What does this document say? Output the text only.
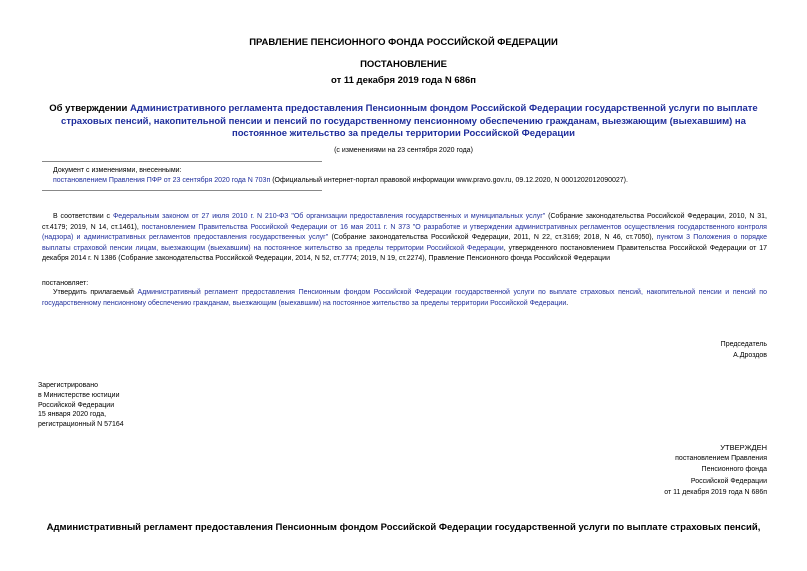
ПРАВЛЕНИЕ ПЕНСИОННОГО ФОНДА РОССИЙСКОЙ ФЕДЕРАЦИИ
ПОСТАНОВЛЕНИЕ
от 11 декабря 2019 года N 686п
Об утверждении Административного регламента предоставления Пенсионным фондом Российской Федерации государственной услуги по выплате страховых пенсий, накопительной пенсии и пенсий по государственному пенсионному обеспечению гражданам, выезжающим (выехавшим) на постоянное жительство за пределы территории Российской Федерации
(с изменениями на 23 сентября 2020 года)
Документ с изменениями, внесенными:
постановлением Правления ПФР от 23 сентября 2020 года N 703п (Официальный интернет-портал правовой информации www.pravo.gov.ru, 09.12.2020, N 0001202012090027).
В соответствии с Федеральным законом от 27 июля 2010 г. N 210-ФЗ "Об организации предоставления государственных и муниципальных услуг" (Собрание законодательства Российской Федерации, 2010, N 31, ст.4179; 2019, N 14, ст.1461), постановлением Правительства Российской Федерации от 16 мая 2011 г. N 373 "О разработке и утверждении административных регламентов осуществления государственного контроля (надзора) и административных регламентов предоставления государственных услуг" (Собрание законодательства Российской Федерации, 2011, N 22, ст.3169; 2018, N 46, ст.7050), пунктом 3 Положения о порядке выплаты страховой пенсии лицам, выезжающим (выехавшим) на постоянное жительство за пределы территории Российской Федерации, утвержденного постановлением Правительства Российской Федерации от 17 декабря 2014 г. N 1386 (Собрание законодательства Российской Федерации, 2014, N 52, ст.7774; 2019, N 19, ст.2274), Правление Пенсионного фонда Российской Федерации
постановляет:
Утвердить прилагаемый Административный регламент предоставления Пенсионным фондом Российской Федерации государственной услуги по выплате страховых пенсий, накопительной пенсии и пенсий по государственному пенсионному обеспечению гражданам, выезжающим (выехавшим) на постоянное жительство за пределы территории Российской Федерации.
Председатель
А.Дроздов
Зарегистрировано
в Министерстве юстиции
Российской Федерации
15 января 2020 года,
регистрационный N 57164
УТВЕРЖДЕН
постановлением Правления
Пенсионного фонда
Российской Федерации
от 11 декабря 2019 года N 686п
Административный регламент предоставления Пенсионным фондом Российской Федерации государственной услуги по выплате страховых пенсий,
